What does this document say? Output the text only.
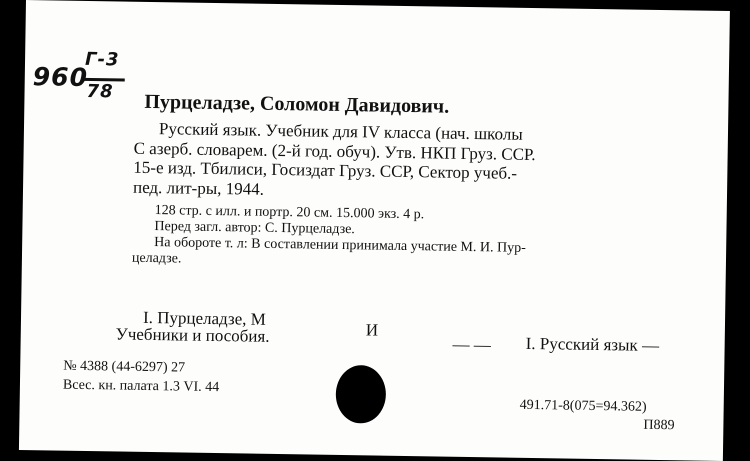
960
Г-3
78 Пурцеладзе, Соломон Давидович.
Русский язык. Учебник для IV класса (нач. школы
С азерб. словарем. (2-й год. обуч). Утв. НКП Груз. ССР.
15-е изд. Тбилиси, Госиздат Груз. ССР, Сектор учеб.-
пед. лит-ры, 1944.
128 стр. с илл. и портр. 20 см. 15.000 экз. 4 р.
Перед загл. автор: С. Пурцеладзе.
На обороте т. л: В составлении принимала участие М. И. Пур-
целадзе.
I. Пурцеладзе, М
Учебники и пособия.	И
— — I. Русский язык —
№ 4388 (44-6297) 27
Всес. кн. палата 1.3 VI. 44
491.71-8(075=94.362)
П889
